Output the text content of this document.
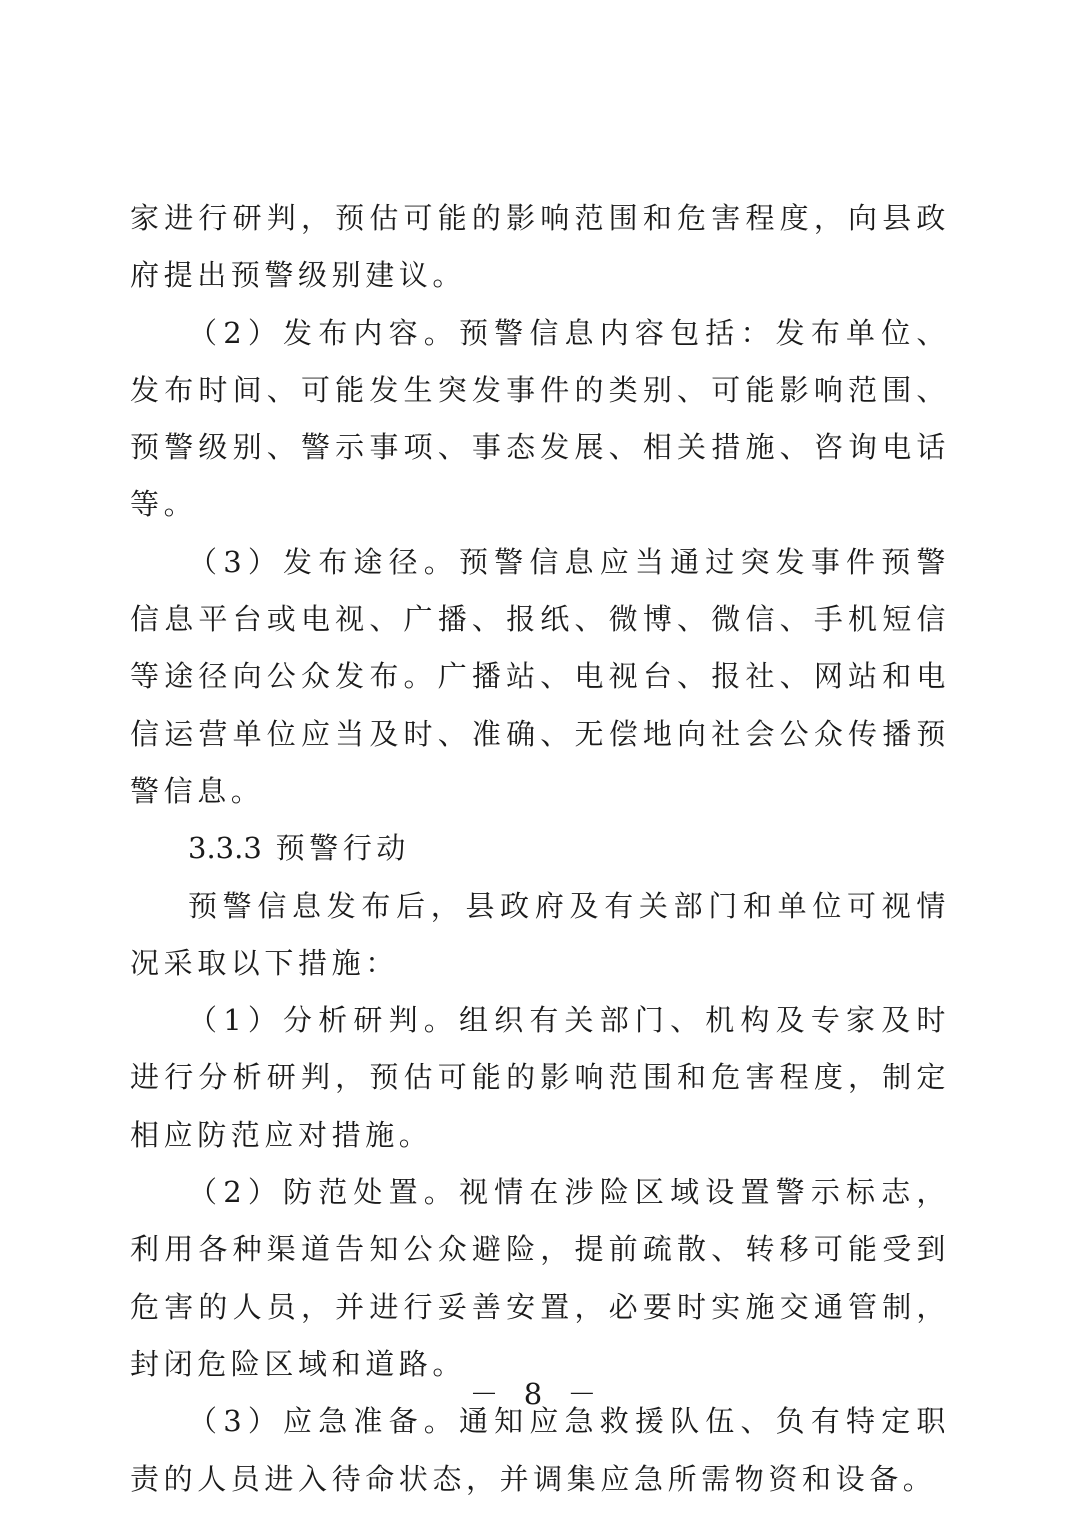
家进行研判，预估可能的影响范围和危害程度，向县政府提出预警级别建议。

（2）发布内容。预警信息内容包括：发布单位、发布时间、可能发生突发事件的类别、可能影响范围、预警级别、警示事项、事态发展、相关措施、咨询电话等。

（3）发布途径。预警信息应当通过突发事件预警信息平台或电视、广播、报纸、微博、微信、手机短信等途径向公众发布。广播站、电视台、报社、网站和电信运营单位应当及时、准确、无偿地向社会公众传播预警信息。

3.3.3 预警行动

预警信息发布后，县政府及有关部门和单位可视情况采取以下措施：

（1）分析研判。组织有关部门、机构及专家及时进行分析研判，预估可能的影响范围和危害程度，制定相应防范应对措施。

（2）防范处置。视情在涉险区域设置警示标志，利用各种渠道告知公众避险，提前疏散、转移可能受到危害的人员，并进行妥善安置，必要时实施交通管制，封闭危险区域和道路。

（3）应急准备。通知应急救援队伍、负有特定职责的人员进入待命状态，并调集应急所需物资和设备。

－ 8 －
